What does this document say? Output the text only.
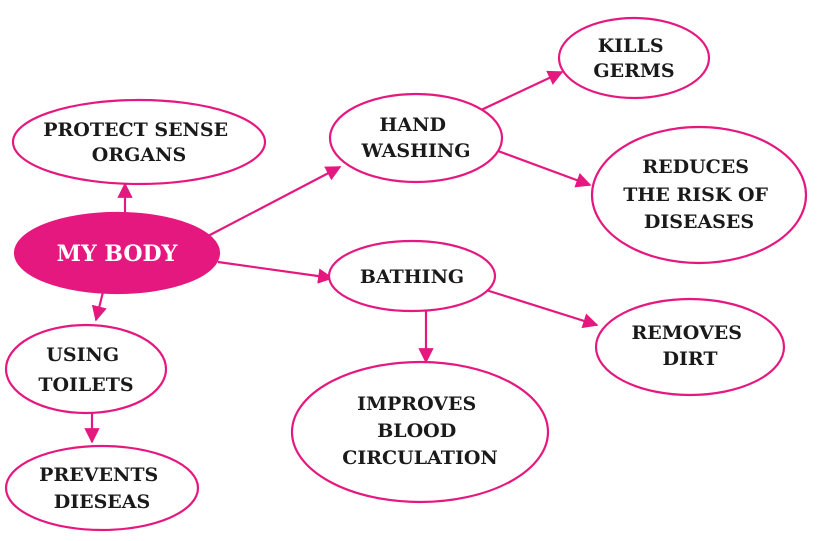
MY BODY
PROTECT SENSE ORGANS
HAND WASHING
KILLS GERMS
REDUCES THE RISK OF DISEASES
BATHING
REMOVES DIRT
IMPROVES BLOOD CIRCULATION
USING TOILETS
PREVENTS DIESEAS
